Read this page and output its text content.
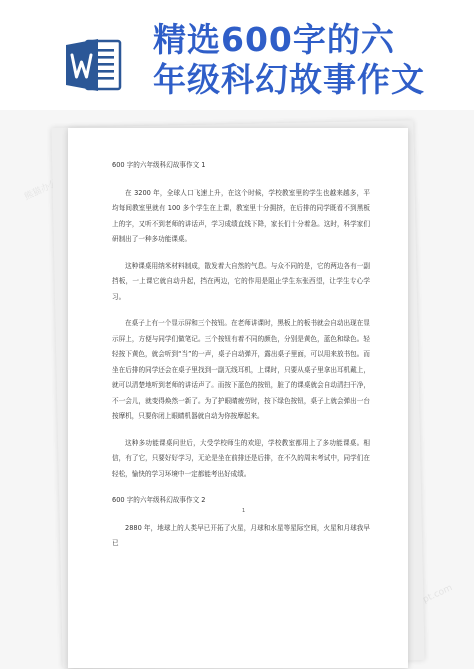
精选600字的六
年级科幻故事作文
熊猫办公
tukuppt.com

600 字的六年级科幻故事作文 1

在 3200 年，全球人口飞速上升，在这个时候，学校教室里的学生也越来越多，平均每间教室里就有 100 多个学生在上课，教室里十分拥挤，在后排的同学既看不到黑板上的字，又听不到老师的讲话声，学习成绩直线下降，家长们十分着急。这时，科学家们研制出了一种多功能课桌。

这种课桌用纳米材料制成，散发着大自然的气息。与众不同的是，它的两边各有一副挡板，一上课它就自动升起，挡在两边，它的作用是阻止学生东张西望，让学生专心学习。

在桌子上有一个显示屏和三个按钮。在老师讲课时，黑板上的板书就会自动出现在显示屏上，方便与同学们做笔记。三个按钮有着不同的颜色，分别是黄色，蓝色和绿色。轻轻按下黄色，就会听到“当”的一声，桌子自动弹开，露出桌子里面，可以用来放书包。而坐在后排的同学还会在桌子里找到一副无线耳机，上课时，只要从桌子里拿出耳机戴上，就可以清楚地听到老师的讲话声了。而按下蓝色的按钮，脏了的课桌就会自动清扫干净，不一会儿，就变得焕然一新了。为了护眼睛疲劳时，按下绿色按钮，桌子上就会弹出一台按摩机，只要你闭上眼睛机器就自动为你按摩起来。

这种多功能课桌问世后，大受学校师生的欢迎，学校教室都用上了多功能课桌。相信，有了它，只要好好学习，无论是坐在前排还是后排，在不久的周末考试中，同学们在轻松，愉快的学习环境中一定都能考出好成绩。

600 字的六年级科幻故事作文 2

2880 年，地球上的人类早已开拓了火星，月球和水星等星际空间，火星和月球我早已

1
